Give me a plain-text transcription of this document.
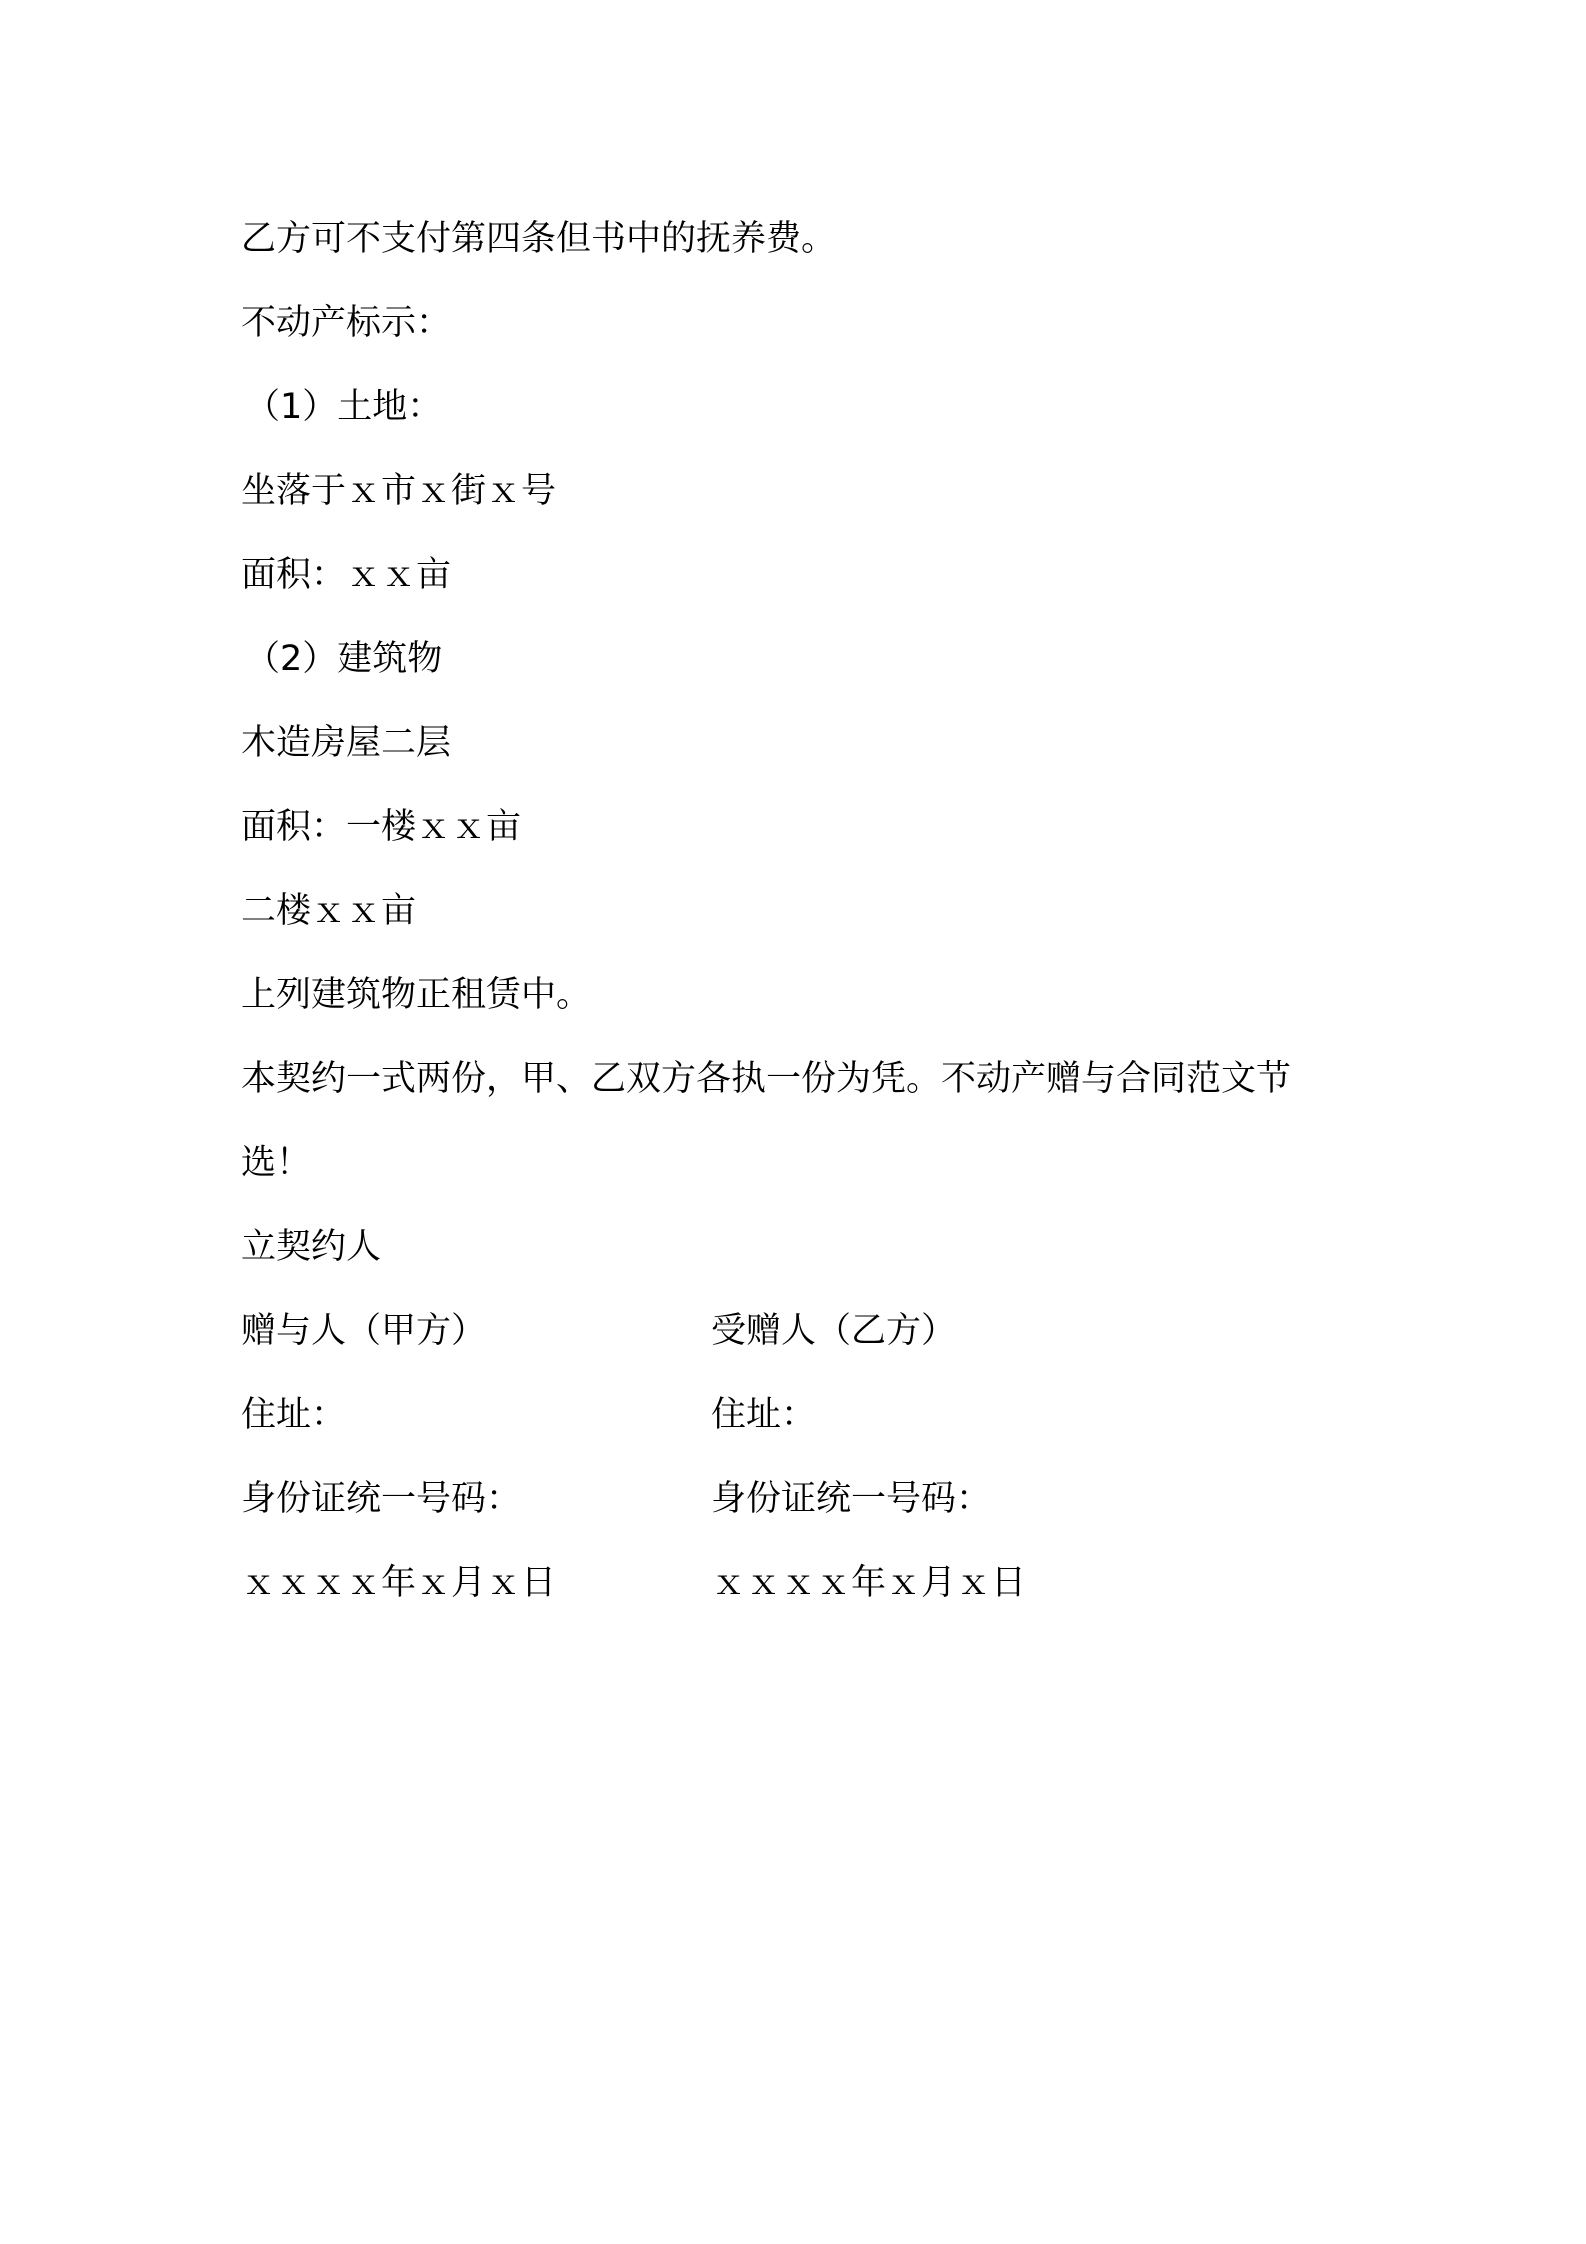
乙方可不支付第四条但书中的抚养费。
不动产标示：
（1）土地：
坐落于ｘ市ｘ街ｘ号
面积：ｘｘ亩
（2）建筑物
木造房屋二层
面积：一楼ｘｘ亩
二楼ｘｘ亩
上列建筑物正租赁中。
本契约一式两份，甲、乙双方各执一份为凭。不动产赠与合同范文节
选！
立契约人
赠与人（甲方）	受赠人（乙方）
住址：	住址：
身份证统一号码：	身份证统一号码：
ｘｘｘｘ年ｘ月ｘ日	ｘｘｘｘ年ｘ月ｘ日
